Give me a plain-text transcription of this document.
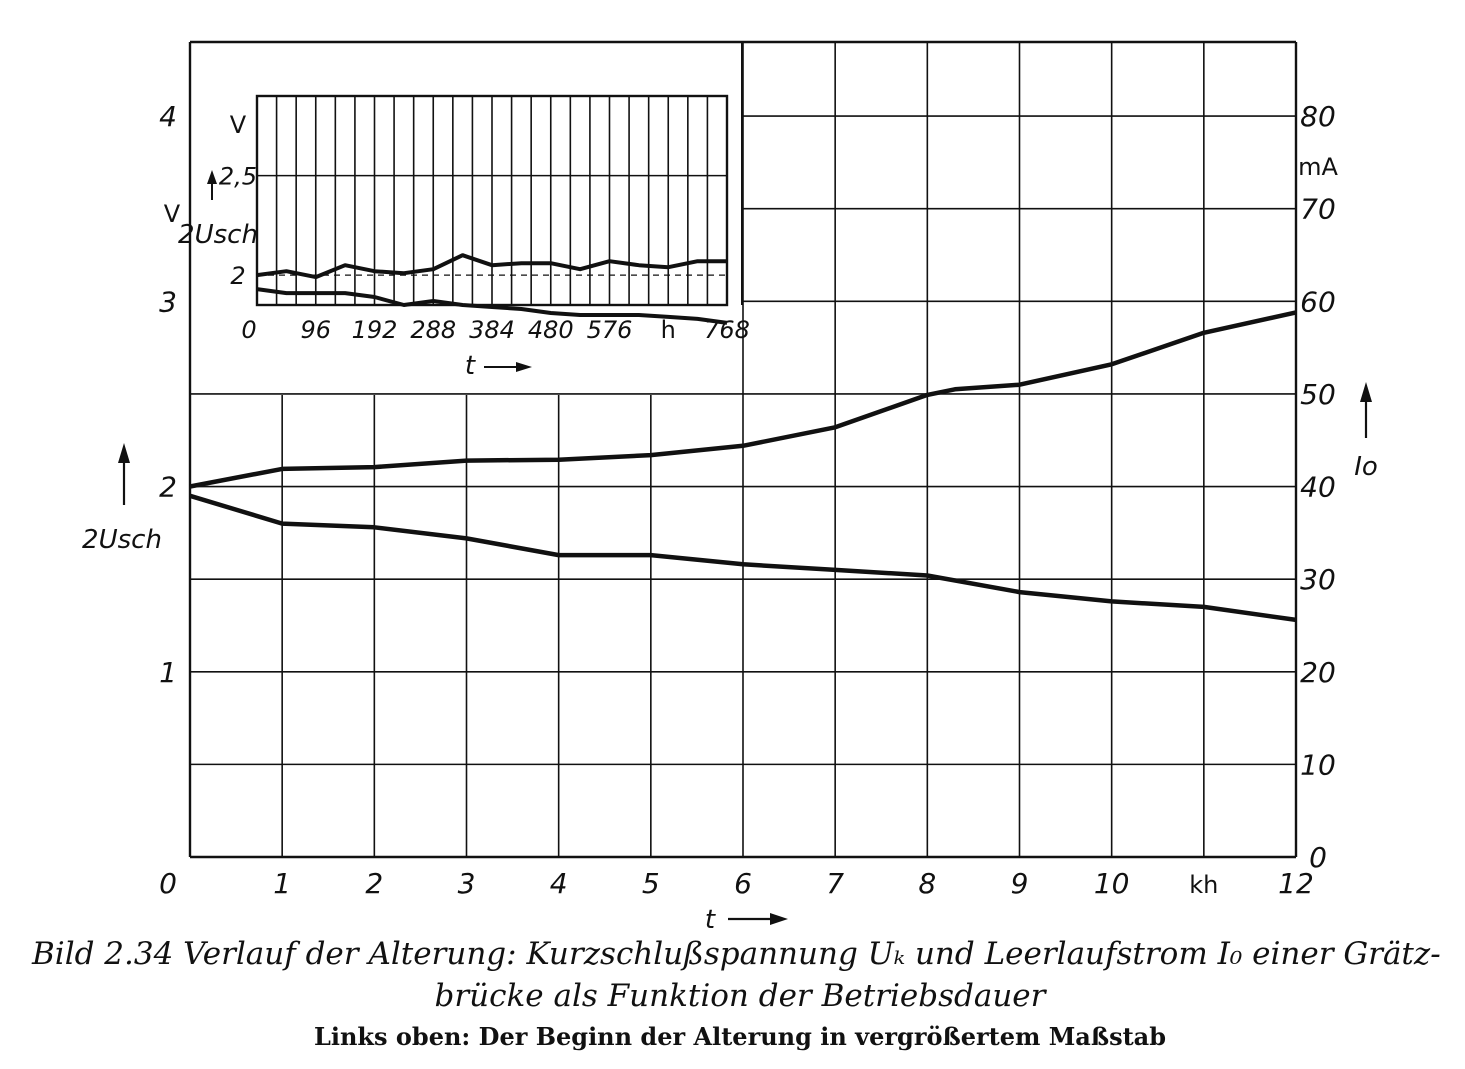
0	1	2	3	4	5	6	7	8	9 10 kh 12
1
2
3
4
V
0
10
20
30
40
50
60
70
80
mA
2Usch
Io
t
0 96 192 288 384 480 576 h 768
2
2,5
V
2Usch
t
Bild 2.34 Verlauf der Alterung: Kurzschlußspannung Uₖ und Leerlaufstrom I₀ einer Grätz-
brücke als Funktion der Betriebsdauer
Links oben: Der Beginn der Alterung in vergrößertem Maßstab
